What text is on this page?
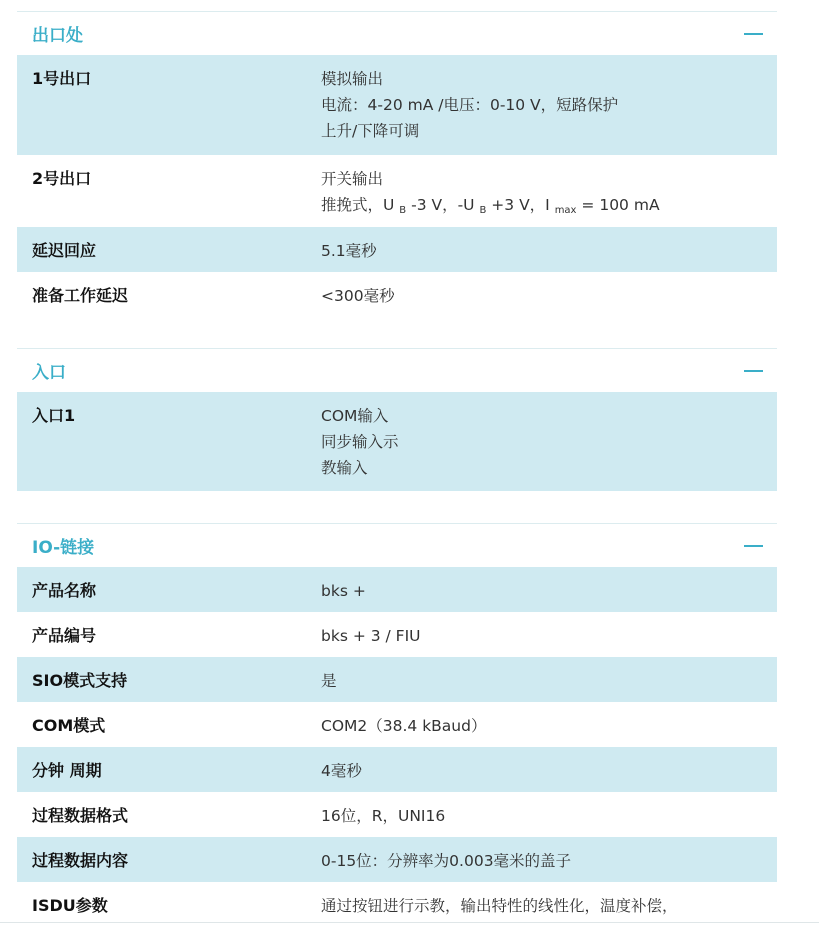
出口处
1号出口	模拟输出
电流：4-20 mA /电压：0-10 V，短路保护
上升/下降可调
2号出口	开关输出
推挽式，U $_B$ -3 V，-U $_B$ +3 V，I $_{max}$ = 100 mA
延迟回应	5.1毫秒
准备工作延迟	<300毫秒
入口
入口1	COM输入
同步输入示
教输入
IO-链接
产品名称	bks +
产品编号	bks + 3 / FIU
SIO模式支持	是
COM模式	COM2（38.4 kBaud）
分钟 周期	4毫秒
过程数据格式	16位，R，UNI16
过程数据内容	0-15位：分辨率为0.003毫米的盖子
ISDU参数	通过按钮进行示教，输出特性的线性化，温度补偿，
